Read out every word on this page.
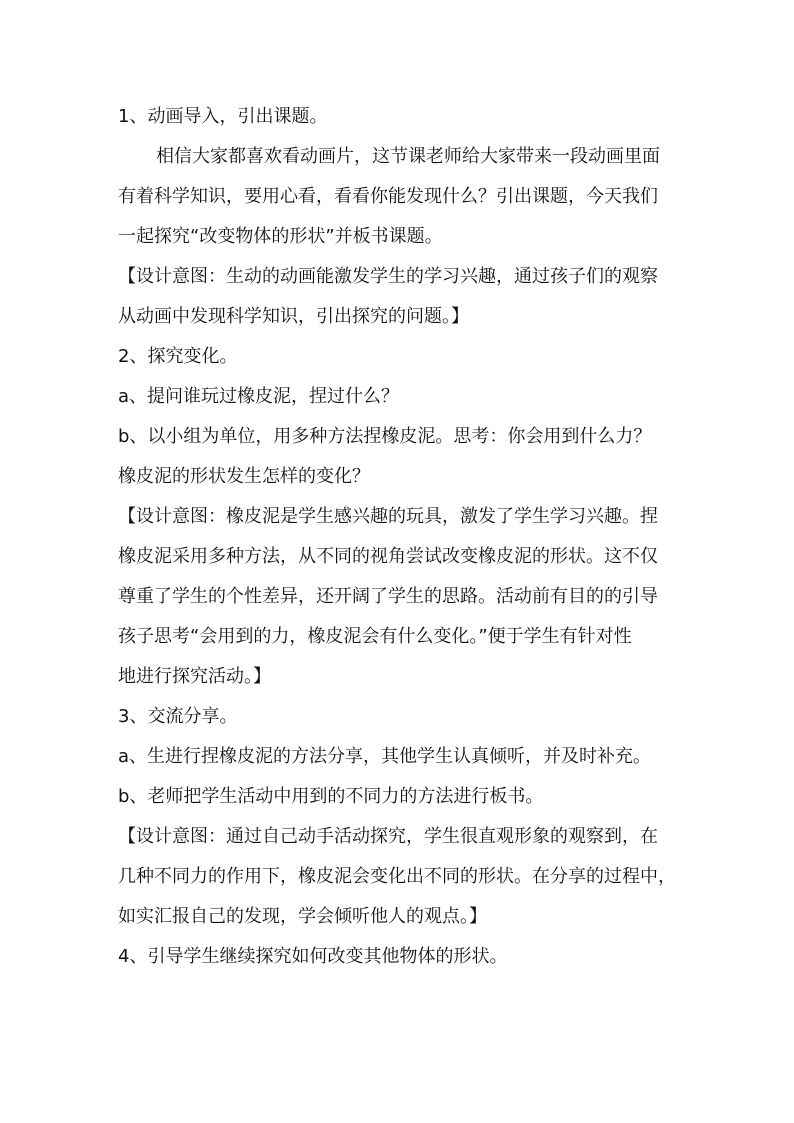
1、动画导入，引出课题。
相信大家都喜欢看动画片，这节课老师给大家带来一段动画里面
有着科学知识，要用心看，看看你能发现什么？引出课题，今天我们
一起探究“改变物体的形状”并板书课题。
【设计意图：生动的动画能激发学生的学习兴趣，通过孩子们的观察
从动画中发现科学知识，引出探究的问题。】
2、探究变化。
a、提问谁玩过橡皮泥，捏过什么？
b、以小组为单位，用多种方法捏橡皮泥。思考：你会用到什么力？
橡皮泥的形状发生怎样的变化？
【设计意图：橡皮泥是学生感兴趣的玩具，激发了学生学习兴趣。捏
橡皮泥采用多种方法，从不同的视角尝试改变橡皮泥的形状。这不仅
尊重了学生的个性差异，还开阔了学生的思路。活动前有目的的引导
孩子思考“会用到的力，橡皮泥会有什么变化。”便于学生有针对性
地进行探究活动。】
3、交流分享。
a、生进行捏橡皮泥的方法分享，其他学生认真倾听，并及时补充。
b、老师把学生活动中用到的不同力的方法进行板书。
【设计意图：通过自己动手活动探究，学生很直观形象的观察到，在
几种不同力的作用下，橡皮泥会变化出不同的形状。在分享的过程中，
如实汇报自己的发现，学会倾听他人的观点。】
4、引导学生继续探究如何改变其他物体的形状。
